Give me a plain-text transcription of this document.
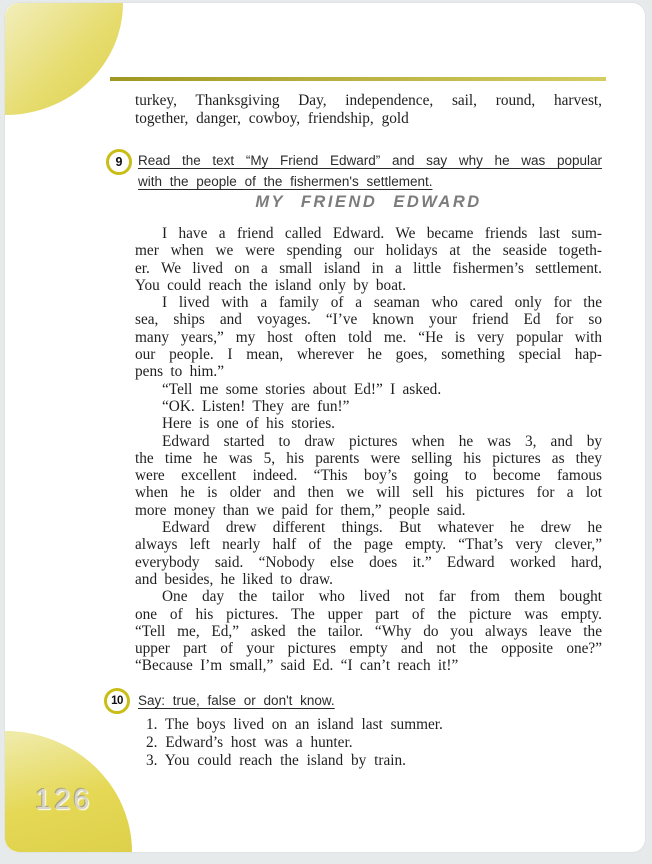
126
turkey, Thanksgiving Day, independence, sail, round, harvest,
together, danger, cowboy, friendship, gold
9	Read the text “My Friend Edward” and say why he was popular
with the people of the fishermen's settlement.
MY FRIEND EDWARD
I have a friend called Edward. We became friends last sum-
mer when we were spending our holidays at the seaside togeth-
er. We lived on a small island in a little fishermen’s settlement.
You could reach the island only by boat.
I lived with a family of a seaman who cared only for the
sea, ships and voyages. “I’ve known your friend Ed for so
many years,” my host often told me. “He is very popular with
our people. I mean, wherever he goes, something special hap-
pens to him.”
“Tell me some stories about Ed!” I asked.
“OK. Listen! They are fun!”
Here is one of his stories.
Edward started to draw pictures when he was 3, and by
the time he was 5, his parents were selling his pictures as they
were excellent indeed. “This boy’s going to become famous
when he is older and then we will sell his pictures for a lot
more money than we paid for them,” people said.
Edward drew different things. But whatever he drew he
always left nearly half of the page empty. “That’s very clever,”
everybody said. “Nobody else does it.” Edward worked hard,
and besides, he liked to draw.
One day the tailor who lived not far from them bought
one of his pictures. The upper part of the picture was empty.
“Tell me, Ed,” asked the tailor. “Why do you always leave the
upper part of your pictures empty and not the opposite one?”
“Because I’m small,” said Ed. “I can’t reach it!”
10	Say: true, false or don't know.
1. The boys lived on an island last summer.
2. Edward’s host was a hunter.
3. You could reach the island by train.
